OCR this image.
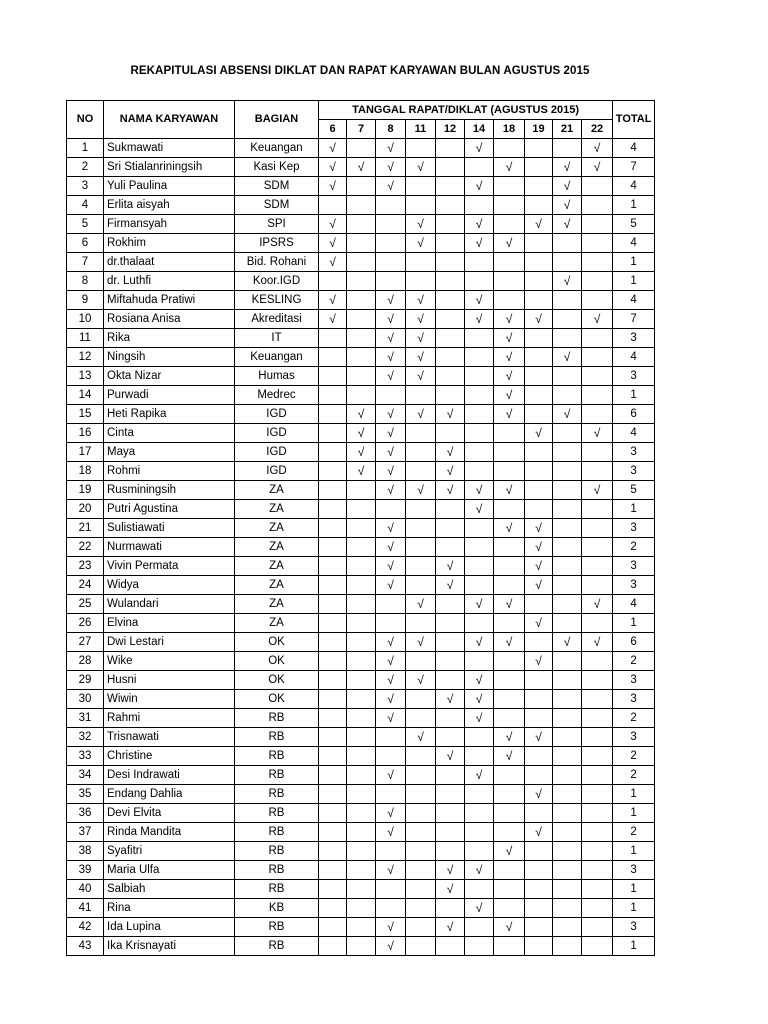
REKAPITULASI ABSENSI DIKLAT DAN RAPAT KARYAWAN BULAN AGUSTUS 2015
NO	NAMA KARYAWAN	BAGIAN	TANGGAL RAPAT/DIKLAT (AGUSTUS 2015)										TOTAL
			6	7	8	11	12	14	18	19	21	22	
1	Sukmawati	Keuangan	√		√			√				√	4
2	Sri Stialanriningsih	Kasi Kep	√	√	√	√			√		√	√	7
3	Yuli Paulina	SDM	√		√			√			√		4
4	Erlita aisyah	SDM									√		1
5	Firmansyah	SPI	√			√		√		√	√		5
6	Rokhim	IPSRS	√			√		√	√				4
7	dr.thalaat	Bid. Rohani	√										1
8	dr. Luthfi	Koor.IGD									√		1
9	Miftahuda Pratiwi	KESLING	√		√	√		√					4
10	Rosiana Anisa	Akreditasi	√		√	√		√	√	√		√	7
11	Rika	IT			√	√			√				3
12	Ningsih	Keuangan			√	√			√		√		4
13	Okta Nizar	Humas			√	√			√				3
14	Purwadi	Medrec							√				1
15	Heti Rapika	IGD		√	√	√	√		√		√		6
16	Cinta	IGD		√	√					√		√	4
17	Maya	IGD		√	√		√						3
18	Rohmi	IGD		√	√		√						3
19	Rusminingsih	ZA			√	√	√	√	√			√	5
20	Putri Agustina	ZA						√					1
21	Sulistiawati	ZA			√				√	√			3
22	Nurmawati	ZA			√					√			2
23	Vivin Permata	ZA			√		√			√			3
24	Widya	ZA			√		√			√			3
25	Wulandari	ZA				√		√	√			√	4
26	Elvina	ZA								√			1
27	Dwi Lestari	OK			√	√		√	√		√	√	6
28	Wike	OK			√					√			2
29	Husni	OK			√	√		√					3
30	Wiwin	OK			√		√	√					3
31	Rahmi	RB			√			√					2
32	Trisnawati	RB				√			√	√			3
33	Christine	RB					√		√				2
34	Desi Indrawati	RB			√			√					2
35	Endang Dahlia	RB								√			1
36	Devi Elvita	RB			√								1
37	Rinda Mandita	RB			√					√			2
38	Syafitri	RB							√				1
39	Maria Ulfa	RB			√		√	√					3
40	Salbiah	RB					√						1
41	Rina	KB						√					1
42	Ida Lupina	RB			√		√		√				3
43	Ika Krisnayati	RB			√								1
